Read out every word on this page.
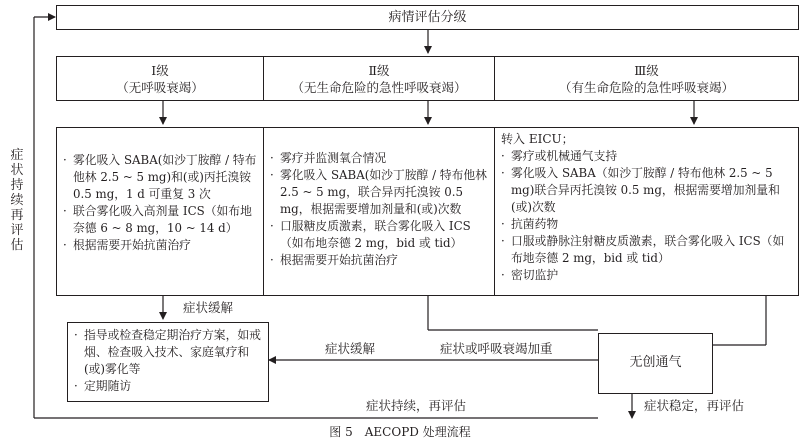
病情评估分级
Ⅰ级
（无呼吸衰竭）
Ⅱ级
（无生命危险的急性呼吸衰竭）
Ⅲ级
（有生命危险的急性呼吸衰竭）
· 雾化吸入 SABA(如沙丁胺醇 / 特布他林 2.5 ~ 5 mg)和(或)丙托溴铵 0.5 mg，1 d 可重复 3 次
· 联合雾化吸入高剂量 ICS（如布地奈德 6 ~ 8 mg，10 ~ 14 d）
· 根据需要开始抗菌治疗
· 雾疗并监测氧合情况
· 雾化吸入 SABA(如沙丁胺醇 / 特布他林 2.5 ~ 5 mg，联合异丙托溴铵 0.5 mg，根据需要增加剂量和(或)次数
· 口服糖皮质激素，联合雾化吸入 ICS（如布地奈德 2 mg，bid 或 tid）
· 根据需要开始抗菌治疗
转入 EICU；
· 雾疗或机械通气支持
· 雾化吸入 SABA（如沙丁胺醇 / 特布他林 2.5 ~ 5 mg)联合异丙托溴铵 0.5 mg，根据需要增加剂量和(或)次数
· 抗菌药物
· 口服或静脉注射糖皮质激素，联合雾化吸入 ICS（如布地奈德 2 mg，bid 或 tid）
· 密切监护
· 指导或检查稳定期治疗方案，如戒烟、检查吸入技术、家庭氧疗和(或)雾化等
· 定期随访
无创通气
症状缓解
症状缓解	症状或呼吸衰竭加重
症状持续，再评估	症状稳定，再评估
症
状
持
续
再
评
估
图 5　AECOPD 处理流程
